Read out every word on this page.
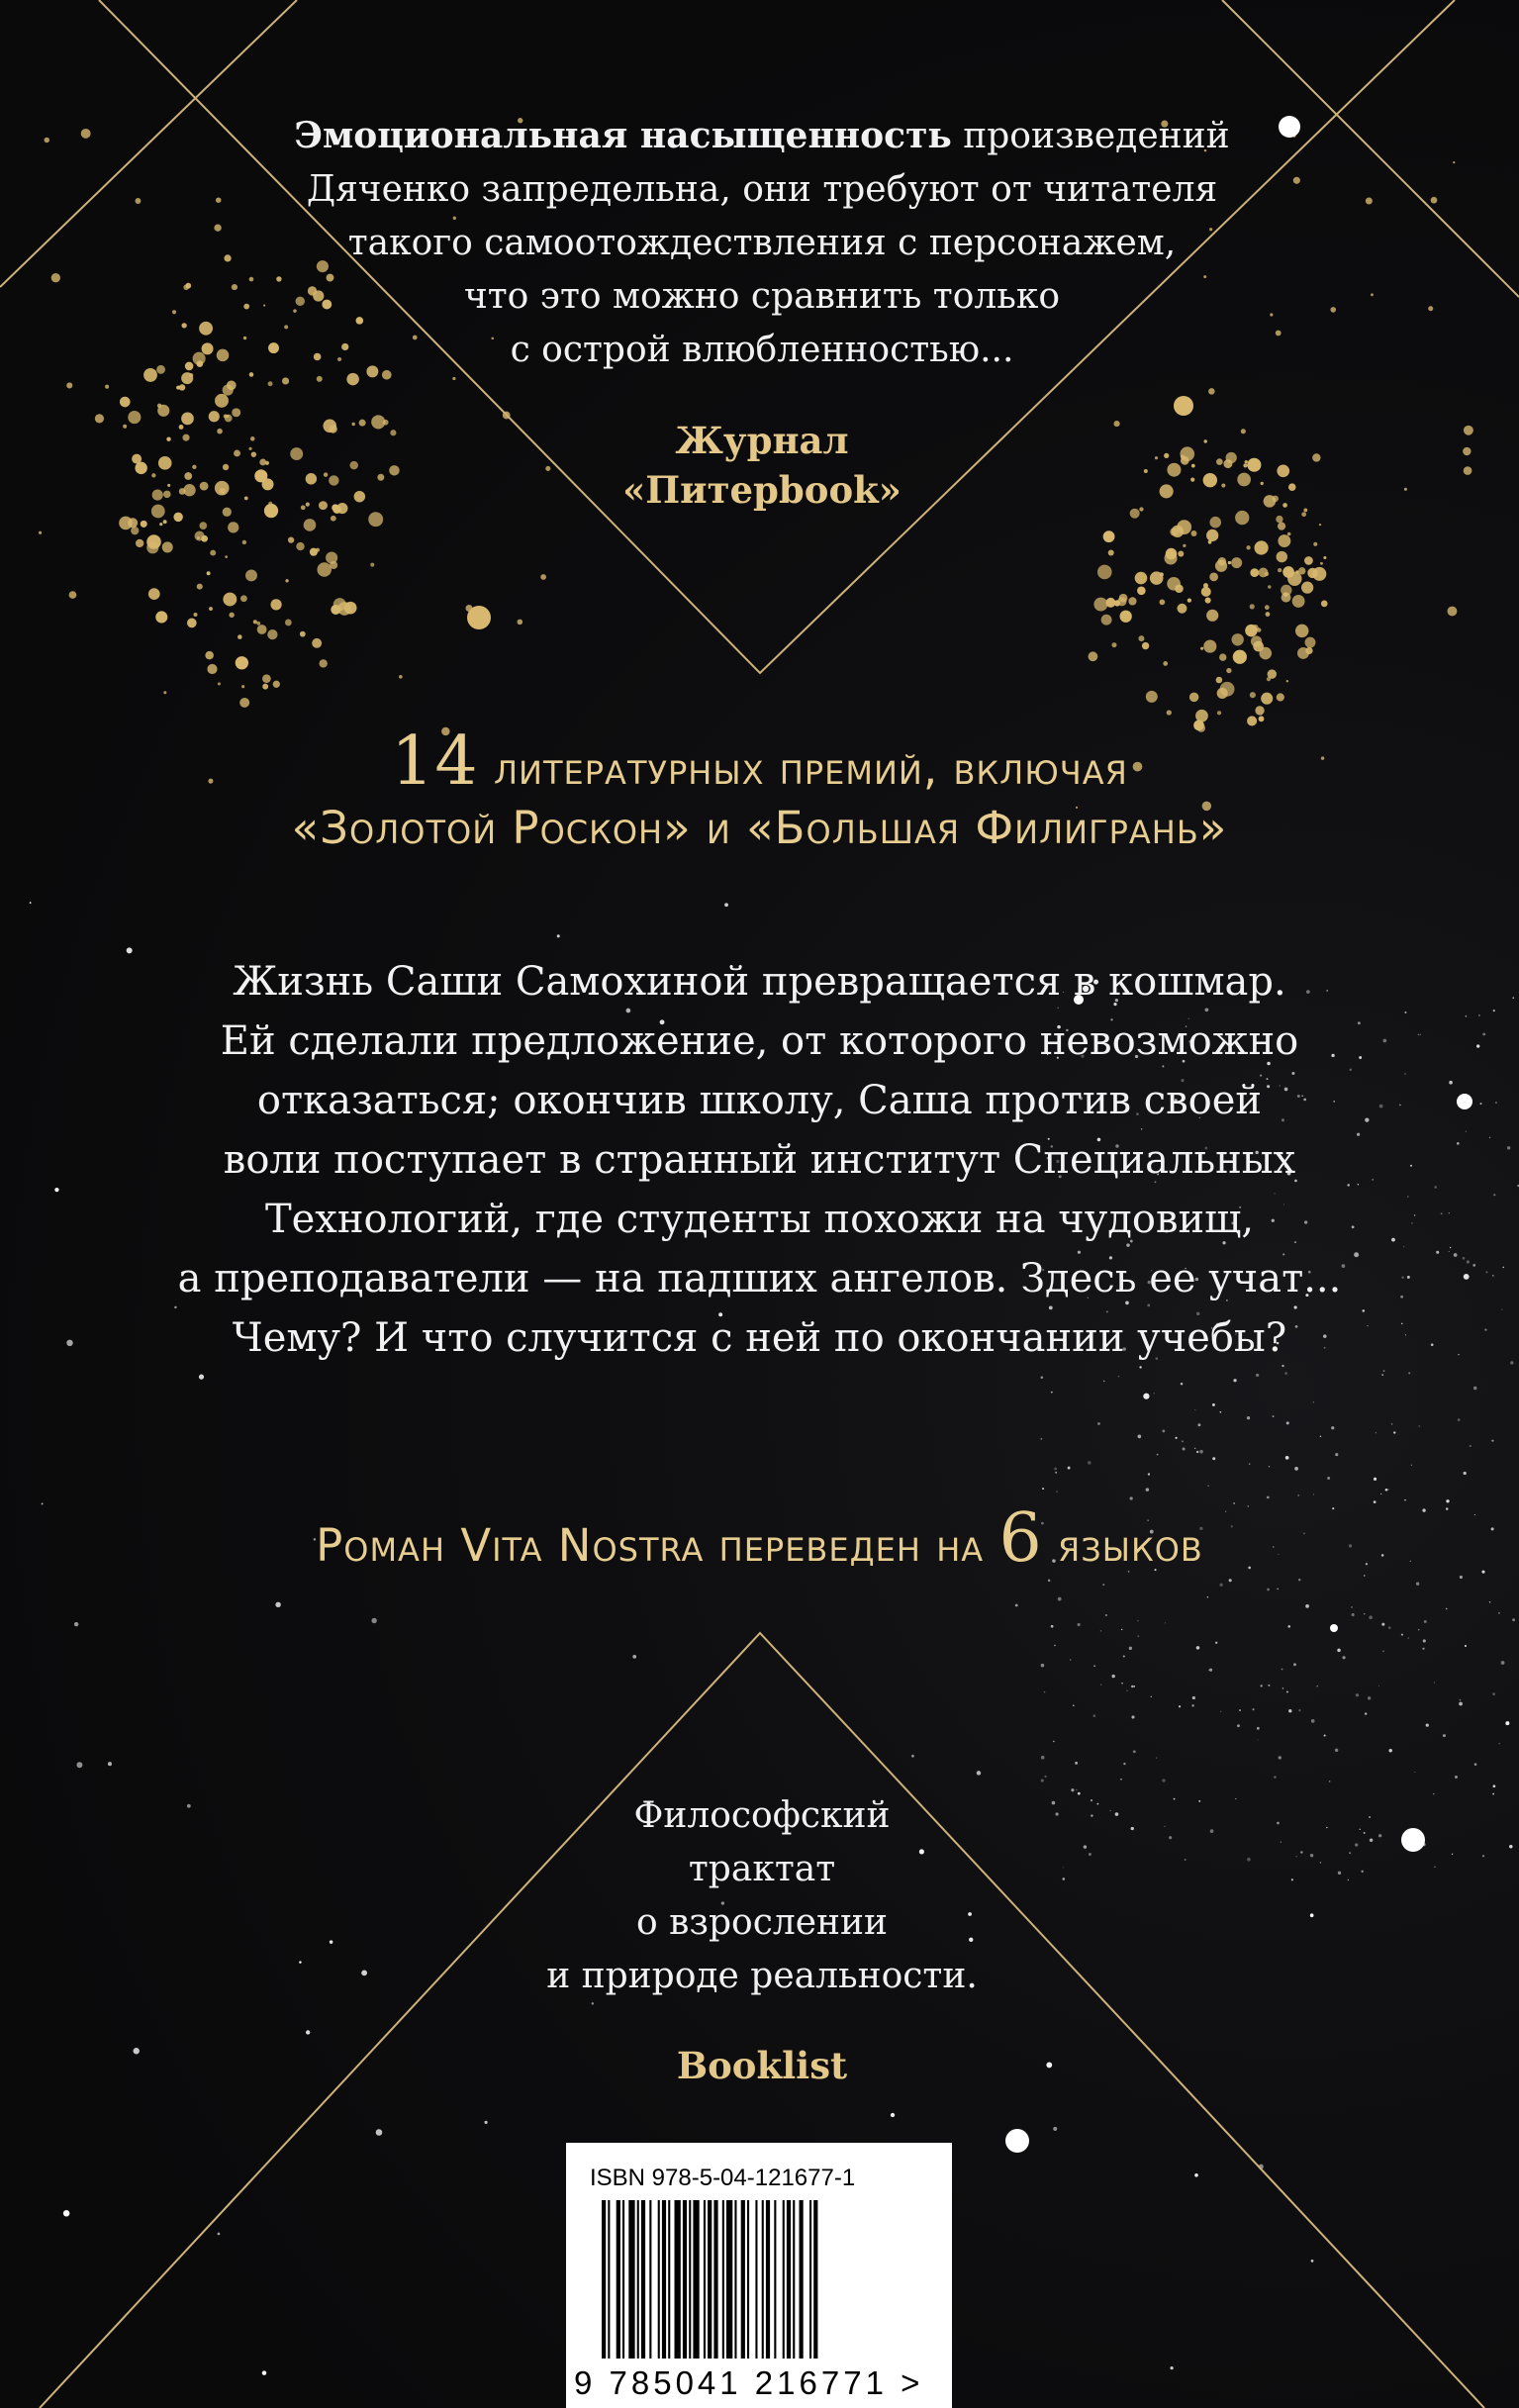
Эмоциональная насыщенность произведений
Дяченко запредельна, они требуют от читателя
такого самоотождествления с персонажем,
что это можно сравнить только
с острой влюбленностью...
Журнал
«Питерbook»
14 литературных премий, включая
«Золотой Роскон» и «Большая Филигрань»
Жизнь Саши Самохиной превращается в кошмар.
Ей сделали предложение, от которого невозможно
отказаться; окончив школу, Саша против своей
воли поступает в странный институт Специальных
Технологий, где студенты похожи на чудовищ,
а преподаватели — на падших ангелов. Здесь ее учат...
Чему? И что случится с ней по окончании учебы?
Роман Vita Nostra переведен на 6 языков
Философский
трактат
о взрослении
и природе реальности.
Booklist
ISBN 978-5-04-121677-1
9 785041 216771 >
